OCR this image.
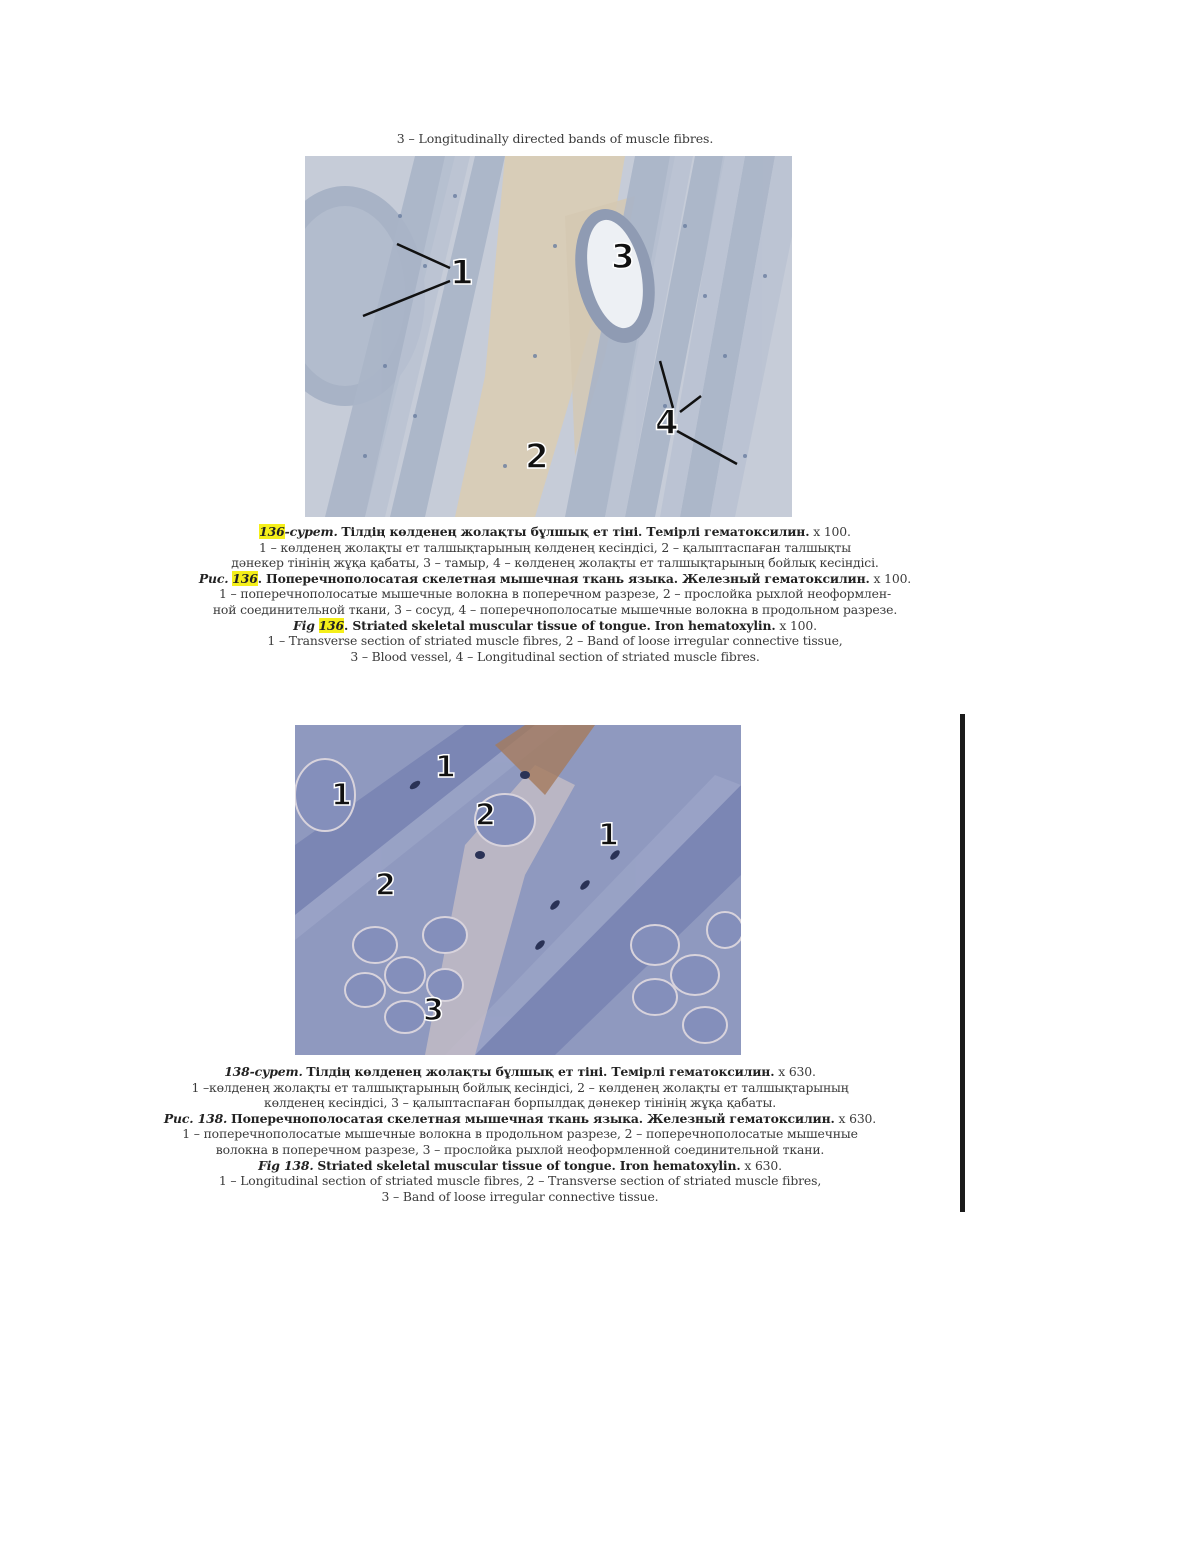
3 – Longitudinally directed bands of muscle fibres.
1
2
3
4

136-сурет. Тілдің көлденең жолақты бұлшық ет тіні. Темірлі гематоксилин. х 100.

1 – көлденең жолақты ет талшықтарының көлденең кесіндісі, 2 – қалыптаспаған талшықты

дәнекер тінінің жұқа қабаты, 3 – тамыр, 4 – көлденең жолақты ет талшықтарының бойлық кесіндісі.

Рис. 136. Поперечнополосатая скелетная мышечная ткань языка. Железный гематоксилин. х 100.

1 – поперечнополосатые мышечные волокна в поперечном разрезе, 2 – прослойка рыхлой неоформлен-

ной соединительной ткани, 3 – сосуд, 4 – поперечнополосатые мышечные волокна в продольном разрезе.

Fig 136. Striated skeletal muscular tissue of tongue. Iron hematoxylin. x 100.

1 – Transverse section of striated muscle fibres, 2 – Band of loose irregular connective tissue,

3 – Blood vessel, 4 – Longitudinal section of striated muscle fibres.

1
1
1
2
2
3

138-сурет. Тілдің көлденең жолақты бұлшық ет тіні. Темірлі гематоксилин. х 630.

1 –көлденең жолақты ет талшықтарының бойлық кесіндісі, 2 – көлденең жолақты ет талшықтарының

көлденең кесіндісі, 3 – қалыптаспаған борпылдақ дәнекер тінінің жұқа қабаты.

Рис. 138. Поперечнополосатая скелетная мышечная ткань языка. Железный гематоксилин. х 630.

1 – поперечнополосатые мышечные волокна в продольном разрезе, 2 – поперечнополосатые мышечные

волокна в поперечном разрезе, 3 – прослойка рыхлой неоформленной соединительной ткани.

Fig 138. Striated skeletal muscular tissue of tongue. Iron hematoxylin. x 630.

1 – Longitudinal section of striated muscle fibres, 2 – Transverse section of striated muscle fibres,

3 – Band of loose irregular connective tissue.
